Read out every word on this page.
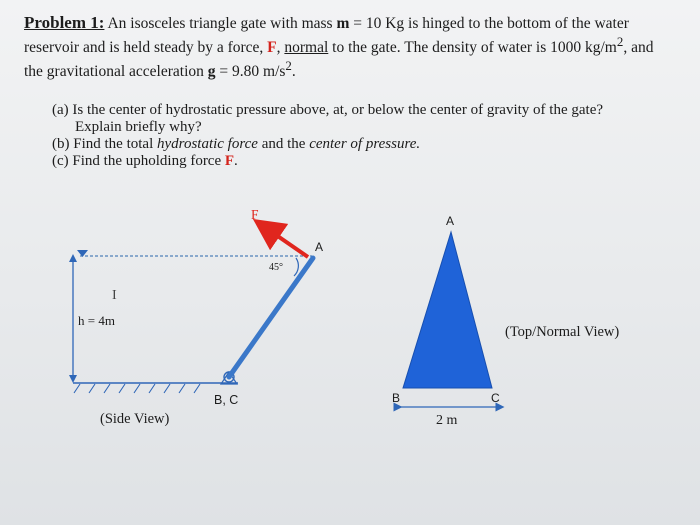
Problem 1: An isosceles triangle gate with mass m = 10 Kg is hinged to the bottom of the water reservoir and is held steady by a force, F, normal to the gate. The density of water is 1000 $kg/m^2$, and the gravitational acceleration g = 9.80 $m/s^2$.

(a) Is the center of hydrostatic pressure above, at, or below the center of gravity of the gate?
Explain briefly why?

(b) Find the total hydrostatic force and the center of pressure.

(c) Find the upholding force F.

I
h = 4m
45°
F
A
B, C
(Side View)
A
B	C
2 m
(Top/Normal View)
